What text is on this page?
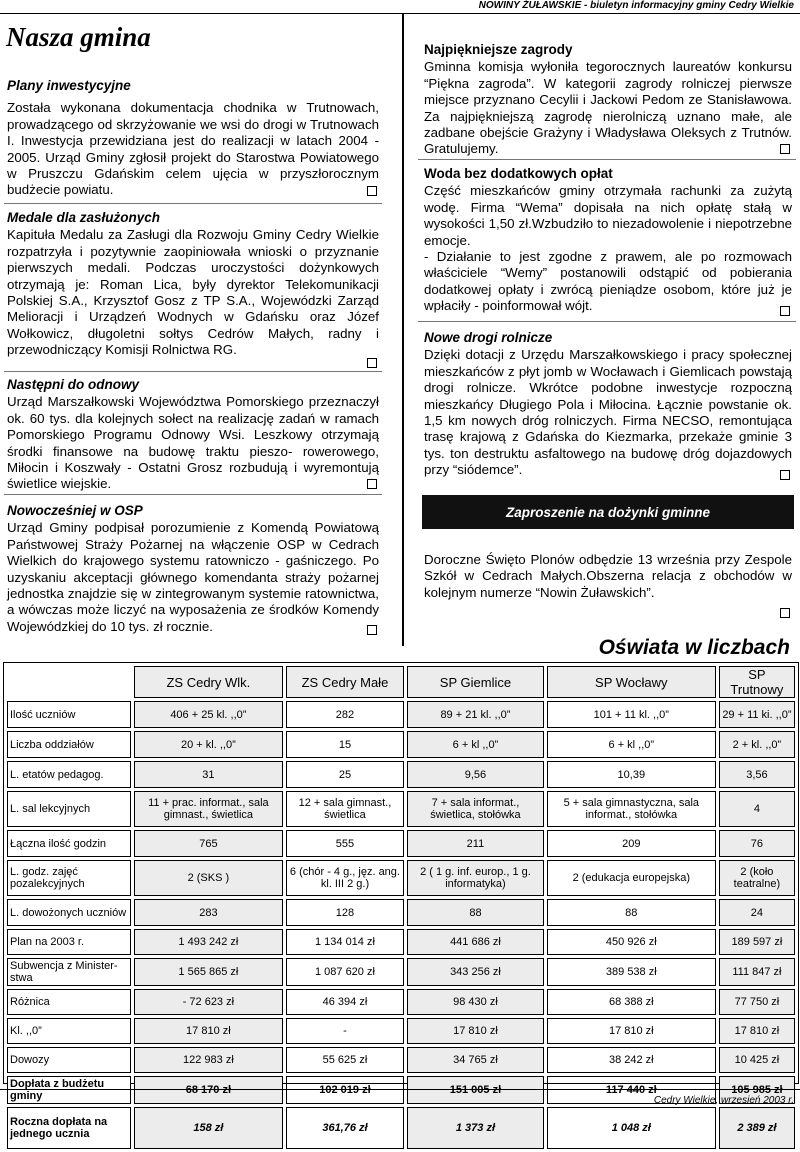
NOWINY ŻUŁAWSKIE - biuletyn informacyjny gminy Cedry Wielkie
Nasza gmina
Plany inwestycyjne

Została wykonana dokumentacja chodnika w Trutnowach, prowadzącego od skrzyżowanie we wsi do drogi w Trutnowach I. Inwestycja przewidziana jest do realizacji w latach 2004 - 2005. Urząd Gminy zgłosił projekt do Starostwa Powiatowego w Pruszczu Gdańskim celem ujęcia w przyszłorocznym budżecie powiatu.

Medale dla zasłużonych

Kapituła Medalu za Zasługi dla Rozwoju Gminy Cedry Wielkie rozpatrzyła i pozytywnie zaopiniowała wnioski o przyznanie pierwszych medali. Podczas uroczystości dożynkowych otrzymają je: Roman Lica, były dyrektor Telekomunikacji Polskiej S.A., Krzysztof Gosz z TP S.A., Wojewódzki Zarząd Melioracji i Urządzeń Wodnych w Gdańsku oraz Józef Wołkowicz, długoletni sołtys Cedrów Małych, radny i przewodniczący Komisji Rolnictwa RG.

Następni do odnowy

Urząd Marszałkowski Województwa Pomorskiego przeznaczył ok. 60 tys. dla kolejnych sołect na realizację zadań w ramach Pomorskiego Programu Odnowy Wsi. Leszkowy otrzymają środki finansowe na budowę traktu pieszo- rowerowego, Miłocin i Koszwały - Ostatni Grosz rozbudują i wyremontują świetlice wiejskie.

Nowocześniej w OSP

Urząd Gminy podpisał porozumienie z Komendą Powiatową Państwowej Straży Pożarnej na włączenie OSP w Cedrach Wielkich do krajowego systemu ratowniczo - gaśniczego. Po uzyskaniu akceptacji głównego komendanta straży pożarnej jednostka znajdzie się w zintegrowanym systemie ratownictwa, a wówczas może liczyć na wyposażenia ze środków Komendy Wojewódzkiej do 10 tys. zł rocznie.

Najpiękniejsze zagrody

Gminna komisja wyłoniła tegorocznych laureatów konkursu “Piękna zagroda”. W kategorii zagrody rolniczej pierwsze miejsce przyznano Cecylii i Jackowi Pedom ze Stanisławowa. Za najpiękniejszą zagrodę nierolniczą uznano małe, ale zadbane obejście Grażyny i Władysława Oleksych z Trutnów. Gratulujemy.

Woda bez dodatkowych opłat

Część mieszkańców gminy otrzymała rachunki za zużytą wodę. Firma “Wema” dopisała na nich opłatę stałą w wysokości 1,50 zł.Wzbudziło to niezadowolenie i niepotrzebne emocje.

- Działanie to jest zgodne z prawem, ale po rozmowach właściciele “Wemy” postanowili odstąpić od pobierania dodatkowej opłaty i zwrócą pieniądze osobom, które już je wpłaciły - poinformował wójt.

Nowe drogi rolnicze

Dzięki dotacji z Urzędu Marszałkowskiego i pracy społecznej mieszkańców z płyt jomb w Wocławach i Giemlicach powstają drogi rolnicze. Wkrótce podobne inwestycje rozpoczną mieszkańcy Długiego Pola i Miłocina. Łącznie powstanie ok. 1,5 km nowych dróg rolniczych. Firma NECSO, remontująca trasę krajową z Gdańska do Kiezmarka, przekaże gminie 3 tys. ton destruktu asfaltowego na budowę dróg dojazdowych przy “siódemce”.

Zaproszenie na dożynki gminne

Doroczne Święto Plonów odbędzie 13 września przy Zespole Szkół w Cedrach Małych.Obszerna relacja z obchodów w kolejnym numerze “Nowin Żuławskich”.

Oświata w liczbach
	ZS Cedry Wlk.	ZS Cedry Małe	SP Giemlice	SP Wocławy	SP Trutnowy
Ilość uczniów	406 + 25 kl. ,,0”	282	89 + 21 kl. ,,0”	101 + 11 kl. ,,0”	29 + 11 ki. ,,0”
Liczba oddziałów	20 + kl. ,,0”	15	6 + kl ,,0”	6 + kl ,,0”	2 + kl. ,,0”
L. etatów pedagog.	31	25	9,56	10,39	3,56
L. sal lekcyjnych	11 + prac. informat., sala gimnast., świetlica	12 + sala gimnast., świetlica	7 + sala informat., świetlica, stołówka	5 + sala gimnastyczna, sala informat., stołówka	4
Łączna ilość godzin	765	555	211	209	76
L. godz. zajęć pozalekcyjnych	2 (SKS )	6 (chór - 4 g., jęz. ang. kl. III 2 g.)	2 ( 1 g. inf. europ., 1 g. informatyka)	2 (edukacja europejska)	2 (koło teatralne)
L. dowożonych uczniów	283	128	88	88	24
Plan na 2003 r.	1 493 242 zł	1 134 014 zł	441 686 zł	450 926 zł	189 597 zł
Subwencja z Minister- stwa	1 565 865 zł	1 087 620 zł	343 256 zł	389 538 zł	111 847 zł
Różnica	- 72 623 zł	46 394 zł	98 430 zł	68 388 zł	77 750 zł
Kl. ,,0”	17 810 zł	-	17 810 zł	17 810 zł	17 810 zł
Dowozy	122 983 zł	55 625 zł	34 765 zł	38 242 zł	10 425 zł
Dopłata z budżetu gminy	68 170 zł	102 019 zł	151 005 zł	117 440 zł	105 985 zł
Roczna dopłata na jednego ucznia	158 zł	361,76 zł	1 373 zł	1 048 zł	2 389 zł
Cedry Wielkie, wrzesień 2003 r.
